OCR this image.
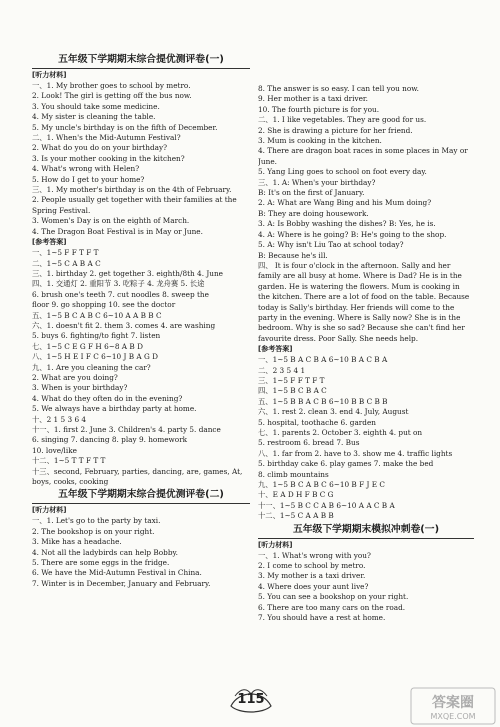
五年级下学期期末综合提优测评卷(一)
[听力材料]
一、1. My brother goes to school by metro.
2. Look! The girl is getting off the bus now.
3. You should take some medicine.
4. My sister is cleaning the table.
5. My uncle's birthday is on the fifth of December.
二、1. When's the Mid-Autumn Festival?
2. What do you do on your birthday?
3. Is your mother cooking in the kitchen?
4. What's wrong with Helen?
5. How do I get to your home?
三、1. My mother's birthday is on the 4th of February.
2. People usually get together with their families at the
Spring Festival.
3. Women's Day is on the eighth of March.
4. The Dragon Boat Festival is in May or June.
[参考答案]
一、1~5 F F T F T
二、1~5 C A B A C
三、1. birthday 2. get together 3. eighth/8th 4. June
四、1. 交通灯 2. 重阳节 3. 吃粽子 4. 龙舟赛 5. 长途
6. brush one's teeth 7. cut noodles 8. sweep the
floor 9. go shopping 10. see the doctor
五、1~5 B C A B C 6~10 A A B B C
六、1. doesn't fit 2. them 3. comes 4. are washing
5. buys 6. fighting/to fight 7. listen
七、1~5 C E G F H 6~8 A B D
八、1~5 H E I F C 6~10 J B A G D
九、1. Are you cleaning the car?
2. What are you doing?
3. When is your birthday?
4. What do they often do in the evening?
5. We always have a birthday party at home.
十、2 1 5 3 6 4
十一、1. first 2. June 3. Children's 4. party 5. dance
6. singing 7. dancing 8. play 9. homework
10. love/like
十二、1~5 T T F T T
十三、second, February, parties, dancing, are, games, At,
boys, cooks, cooking
五年级下学期期末综合提优测评卷(二)
[听力材料]
一、1. Let's go to the party by taxi.
2. The bookshop is on your right.
3. Mike has a headache.
4. Not all the ladybirds can help Bobby.
5. There are some eggs in the fridge.
6. We have the Mid-Autumn Festival in China.
7. Winter is in December, January and February.
8. The answer is so easy. I can tell you now.
9. Her mother is a taxi driver.
10. The fourth picture is for you.
二、1. I like vegetables. They are good for us.
2. She is drawing a picture for her friend.
3. Mum is cooking in the kitchen.
4. There are dragon boat races in some places in May or
June.
5. Yang Ling goes to school on foot every day.
三、1. A: When's your birthday?
B: It's on the first of January.
2. A: What are Wang Bing and his Mum doing?
B: They are doing housework.
3. A: Is Bobby washing the dishes? B: Yes, he is.
4. A: Where is he going? B: He's going to the shop.
5. A: Why isn't Liu Tao at school today?
B: Because he's ill.
四、 It is four o'clock in the afternoon. Sally and her
family are all busy at home. Where is Dad? He is in the
garden. He is watering the flowers. Mum is cooking in
the kitchen. There are a lot of food on the table. Because
today is Sally's birthday. Her friends will come to the
party in the evening. Where is Sally now? She is in the
bedroom. Why is she so sad? Because she can't find her
favourite dress. Poor Sally. She needs help.
[参考答案]
一、1~5 B A C B A 6~10 B A C B A
二、2 3 5 4 1
三、1~5 F F T F T
四、1~5 B C B A C
五、1~5 B B A C B 6~10 B B C B B
六、1. rest 2. clean 3. end 4. July, August
5. hospital, toothache 6. garden
七、1. parents 2. October 3. eighth 4. put on
5. restroom 6. bread 7. Bus
八、1. far from 2. have to 3. show me 4. traffic lights
5. birthday cake 6. play games 7. make the bed
8. climb mountains
九、1~5 B C A B C 6~10 B F J E C
十、E A D H F B C G
十一、1~5 B C C A B 6~10 A A C B A
十二、1~5 C A A B B
五年级下学期期末模拟冲刺卷(一)
[听力材料]
一、1. What's wrong with you?
2. I come to school by metro.
3. My mother is a taxi driver.
4. Where does your aunt live?
5. You can see a bookshop on your right.
6. There are too many cars on the road.
7. You should have a rest at home.
115	答案圈
MXQE.COM
